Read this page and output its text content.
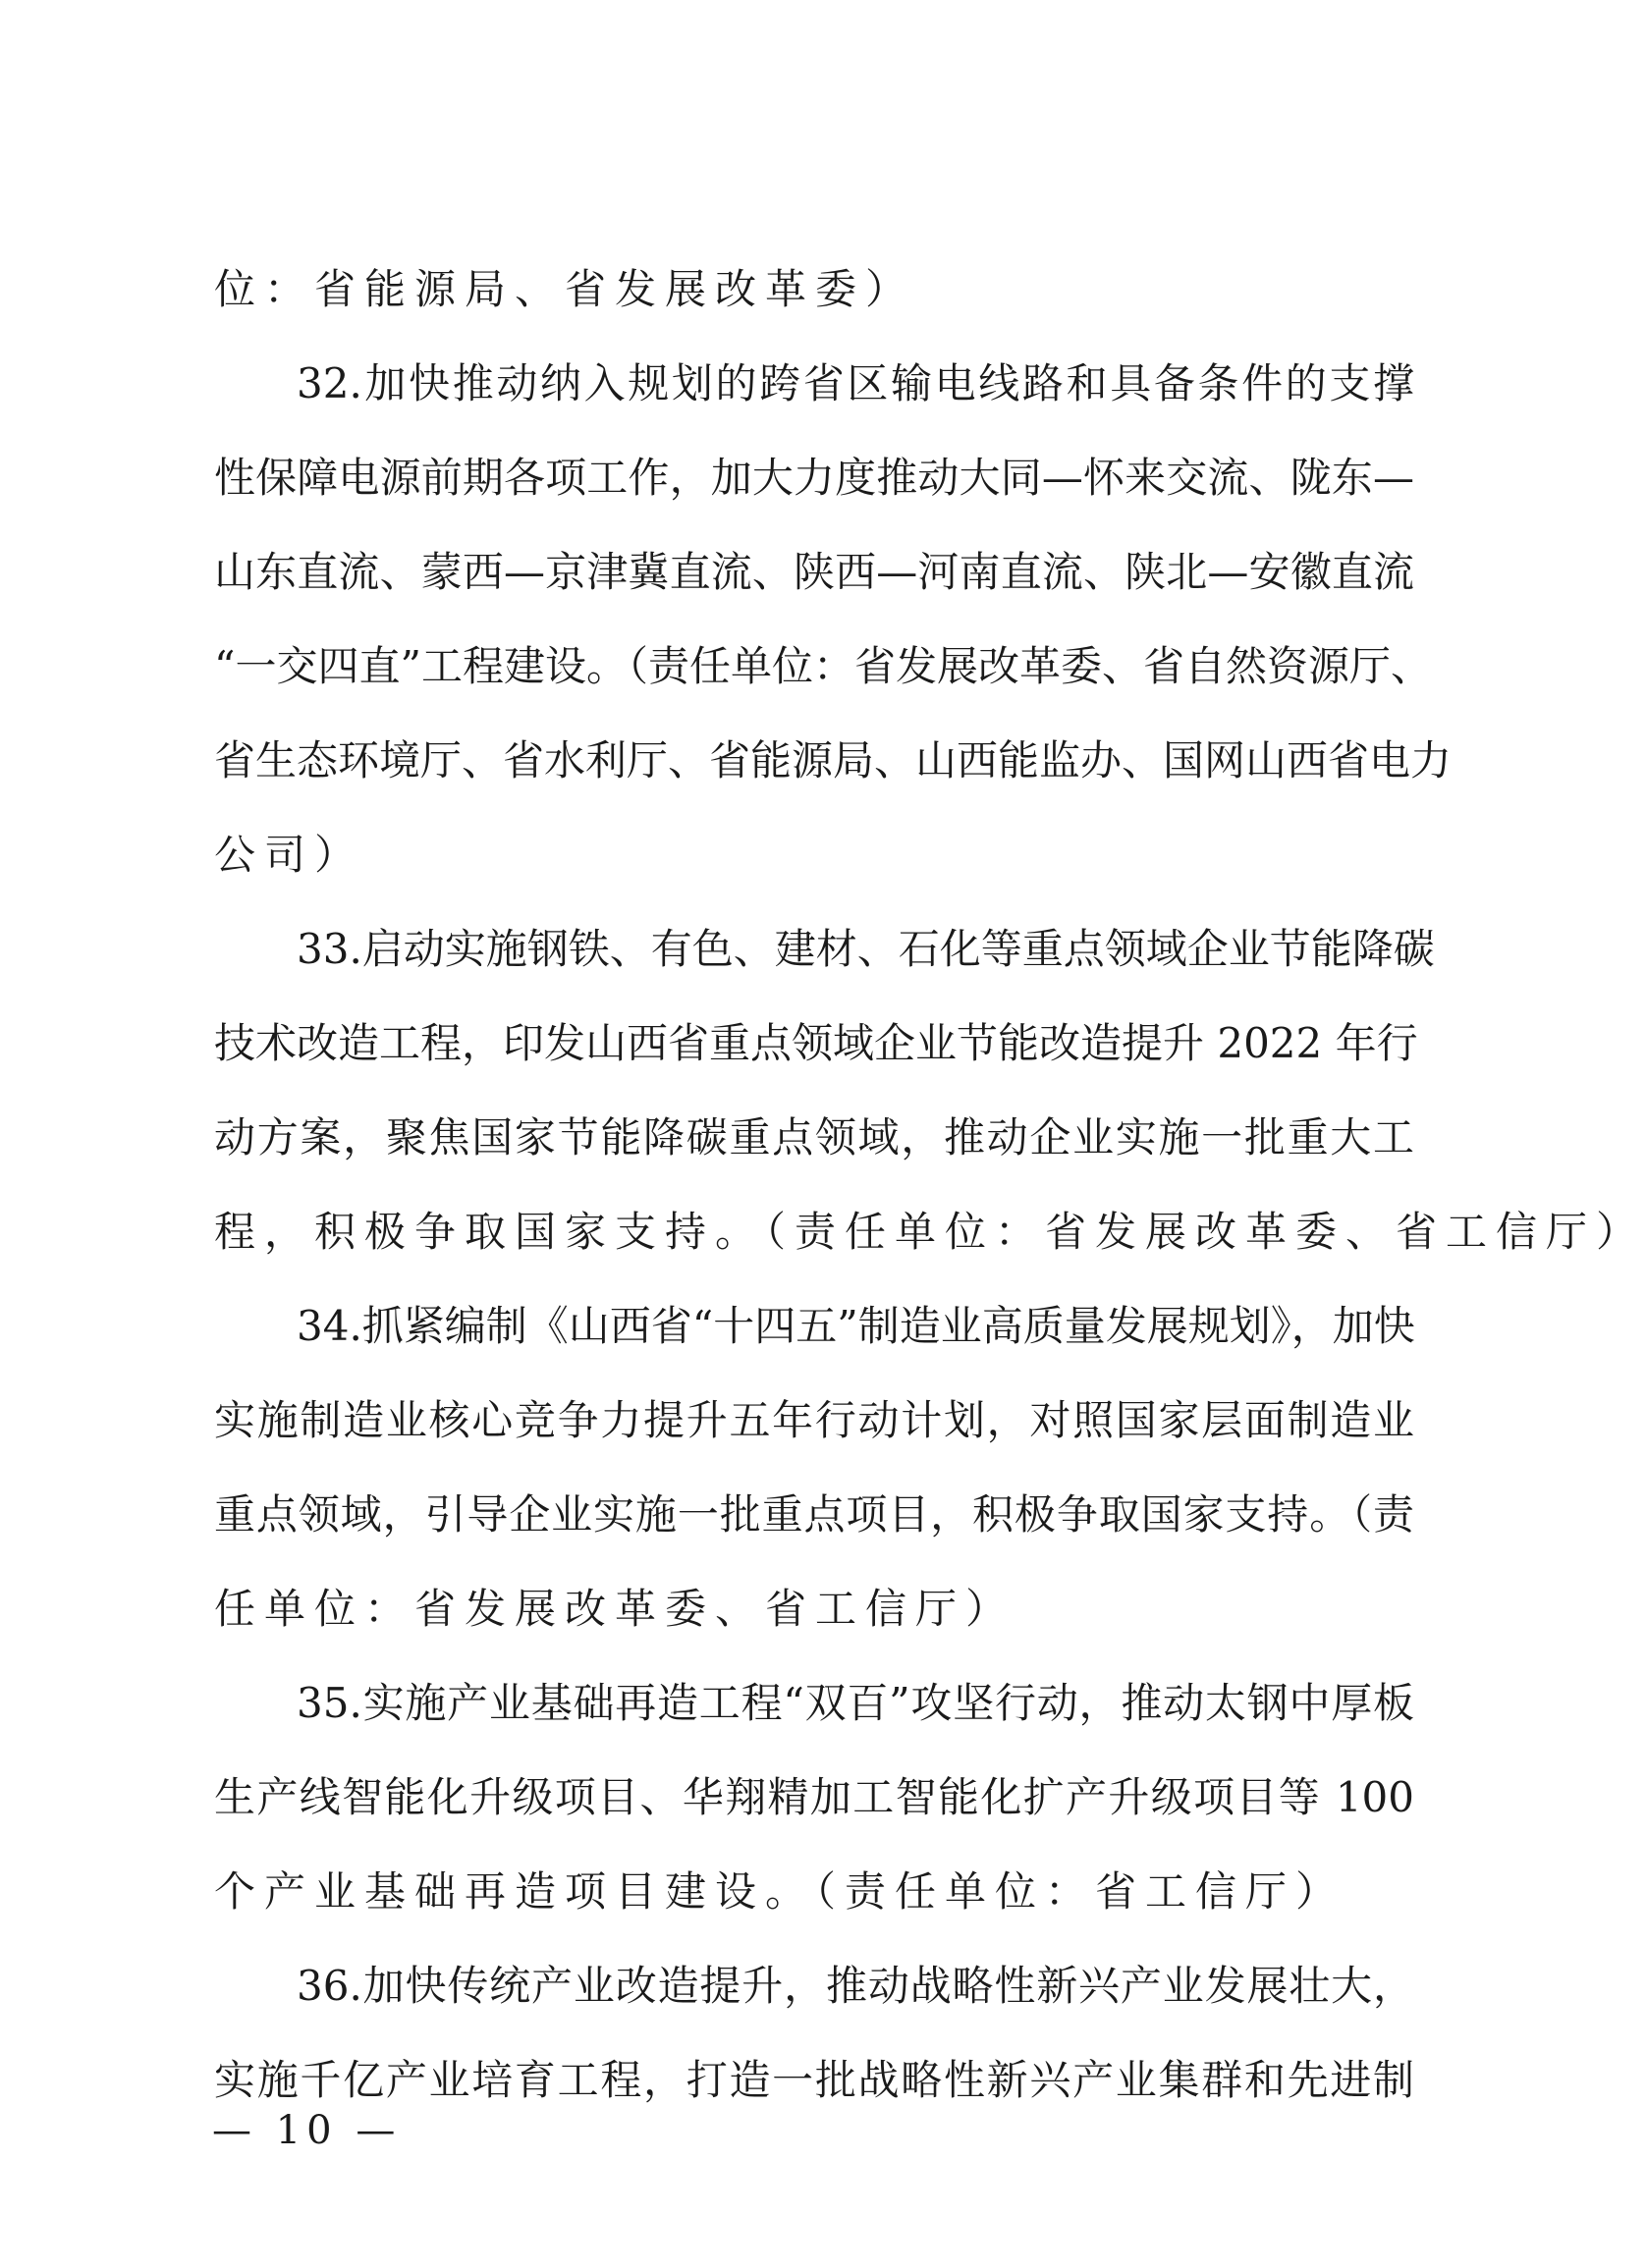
位：省能源局、省发展改革委）
32.加快推动纳入规划的跨省区输电线路和具备条件的支撑
性保障电源前期各项工作，加大力度推动大同—怀来交流、陇东—
山东直流、蒙西—京津冀直流、陕西—河南直流、陕北—安徽直流
“一交四直”工程建设。（责任单位：省发展改革委、省自然资源厅、
省生态环境厅、省水利厅、省能源局、山西能监办、国网山西省电力
公司）
33.启动实施钢铁、有色、建材、石化等重点领域企业节能降碳
技术改造工程，印发山西省重点领域企业节能改造提升 2022 年行
动方案，聚焦国家节能降碳重点领域，推动企业实施一批重大工
程，积极争取国家支持。（责任单位：省发展改革委、省工信厅）
34.抓紧编制《山西省“十四五”制造业高质量发展规划》，加快
实施制造业核心竞争力提升五年行动计划，对照国家层面制造业
重点领域，引导企业实施一批重点项目，积极争取国家支持。（责
任单位：省发展改革委、省工信厅）
35.实施产业基础再造工程“双百”攻坚行动，推动太钢中厚板
生产线智能化升级项目、华翔精加工智能化扩产升级项目等 100
个产业基础再造项目建设。（责任单位：省工信厅）
36.加快传统产业改造提升，推动战略性新兴产业发展壮大，
实施千亿产业培育工程，打造一批战略性新兴产业集群和先进制
— 10 —
